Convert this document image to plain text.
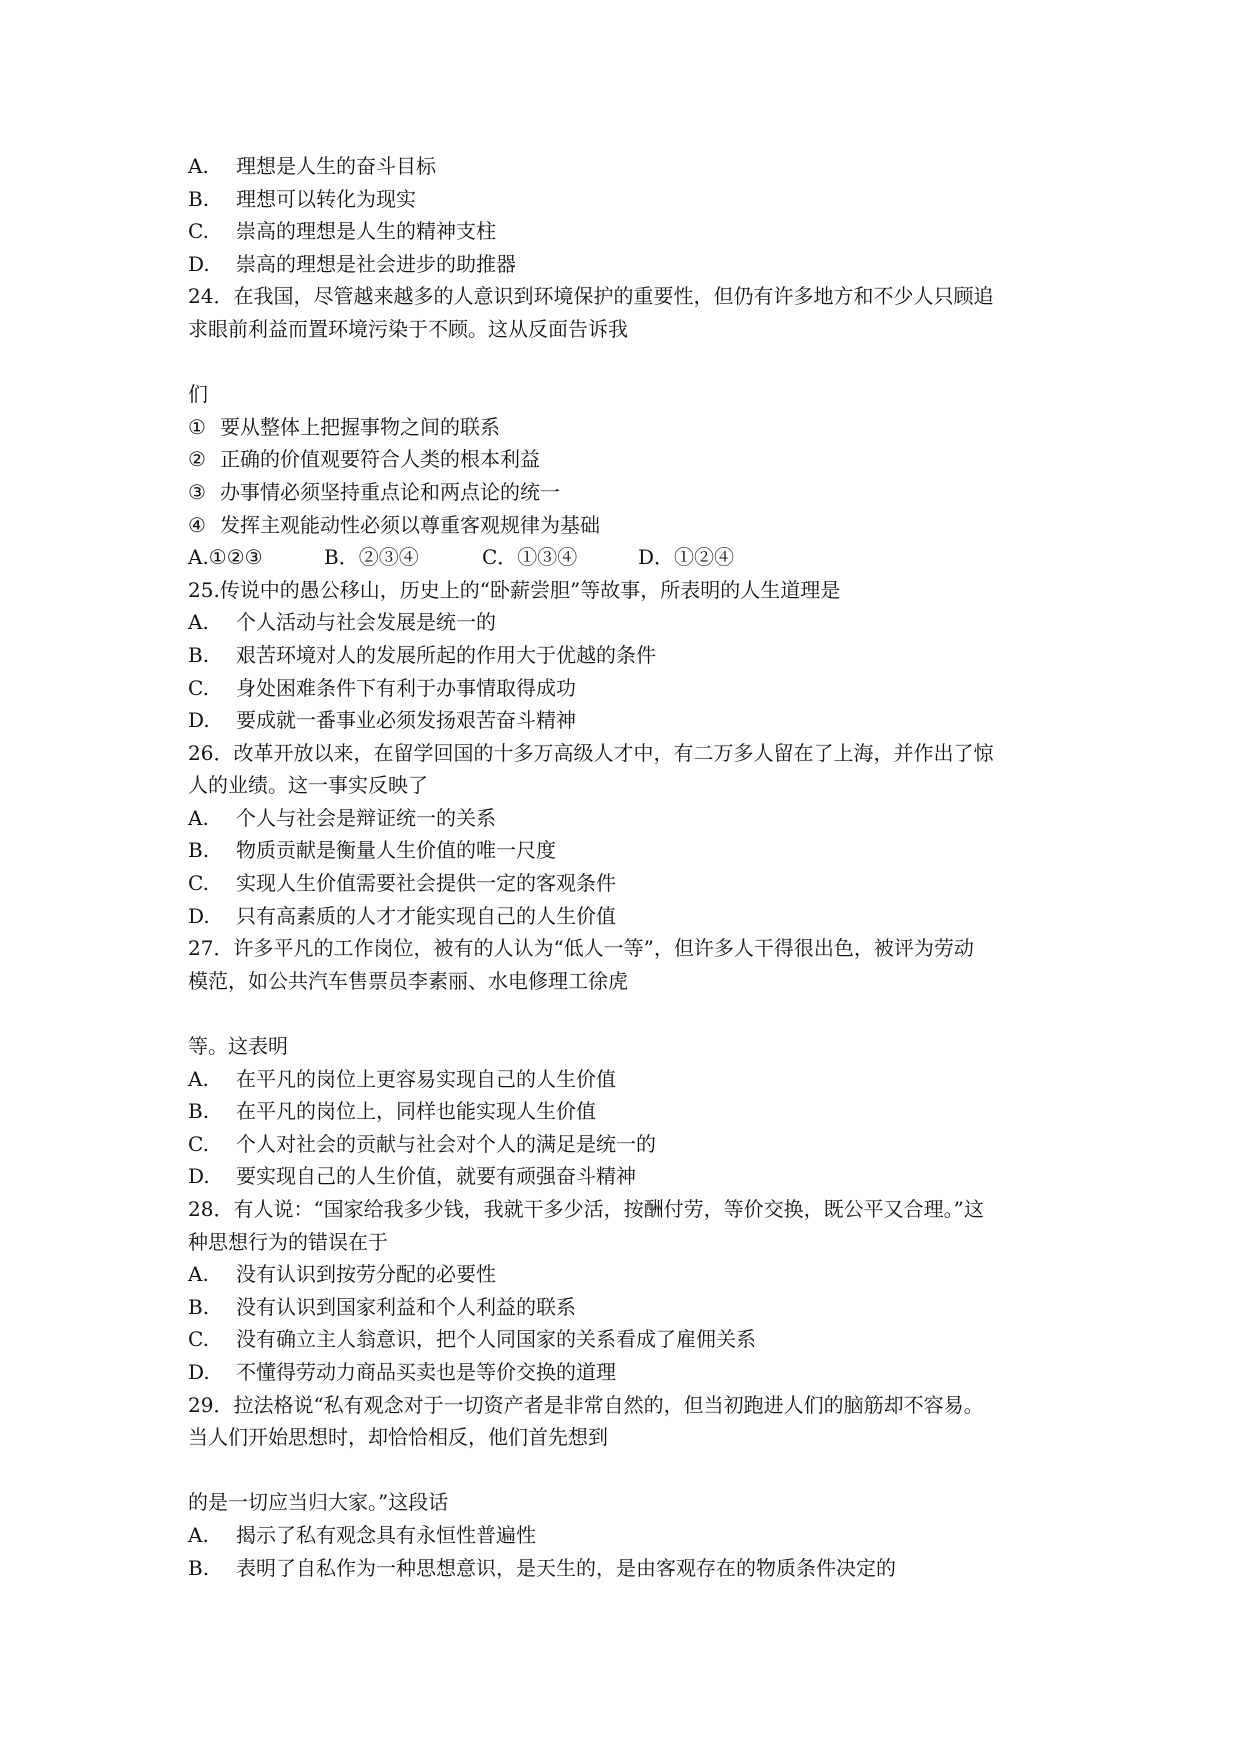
A. 理想是人生的奋斗目标
B. 理想可以转化为现实
C. 崇高的理想是人生的精神支柱
D. 崇高的理想是社会进步的助推器
24．在我国，尽管越来越多的人意识到环境保护的重要性，但仍有许多地方和不少人只顾追
求眼前利益而置环境污染于不顾。这从反面告诉我
们
① 要从整体上把握事物之间的联系
② 正确的价值观要符合人类的根本利益
③ 办事情必须坚持重点论和两点论的统一
④ 发挥主观能动性必须以尊重客观规律为基础
A.①②③	B．②③④	C．①③④	D．①②④
25.传说中的愚公移山，历史上的“卧薪尝胆”等故事，所表明的人生道理是
A. 个人活动与社会发展是统一的
B. 艰苦环境对人的发展所起的作用大于优越的条件
C. 身处困难条件下有利于办事情取得成功
D. 要成就一番事业必须发扬艰苦奋斗精神
26．改革开放以来，在留学回国的十多万高级人才中，有二万多人留在了上海，并作出了惊
人的业绩。这一事实反映了
A. 个人与社会是辩证统一的关系
B. 物质贡献是衡量人生价值的唯一尺度
C. 实现人生价值需要社会提供一定的客观条件
D. 只有高素质的人才才能实现自己的人生价值
27．许多平凡的工作岗位，被有的人认为“低人一等”，但许多人干得很出色，被评为劳动
模范，如公共汽车售票员李素丽、水电修理工徐虎
等。这表明
A. 在平凡的岗位上更容易实现自己的人生价值
B. 在平凡的岗位上，同样也能实现人生价值
C. 个人对社会的贡献与社会对个人的满足是统一的
D. 要实现自己的人生价值，就要有顽强奋斗精神
28．有人说：“国家给我多少钱，我就干多少活，按酬付劳，等价交换，既公平又合理。”这
种思想行为的错误在于
A. 没有认识到按劳分配的必要性
B. 没有认识到国家利益和个人利益的联系
C. 没有确立主人翁意识，把个人同国家的关系看成了雇佣关系
D. 不懂得劳动力商品买卖也是等价交换的道理
29．拉法格说“私有观念对于一切资产者是非常自然的，但当初跑进人们的脑筋却不容易。
当人们开始思想时，却恰恰相反，他们首先想到
的是一切应当归大家。”这段话
A. 揭示了私有观念具有永恒性普遍性
B. 表明了自私作为一种思想意识，是天生的，是由客观存在的物质条件决定的
